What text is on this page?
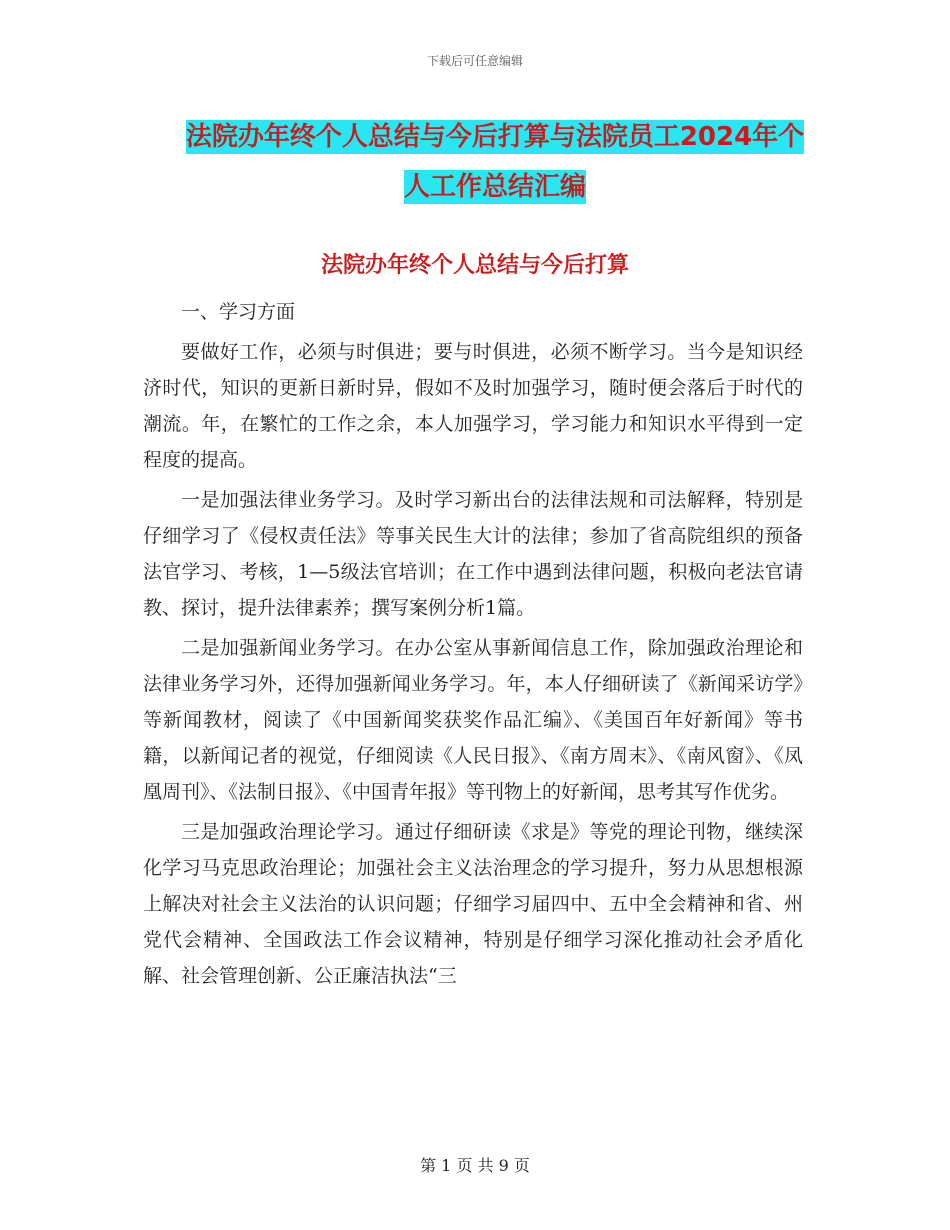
下载后可任意编辑
法院办年终个人总结与今后打算与法院员工2024年个
人工作总结汇编
法院办年终个人总结与今后打算

一、学习方面

要做好工作，必须与时俱进；要与时俱进，必须不断学习。当今是知识经济时代，知识的更新日新时异，假如不及时加强学习，随时便会落后于时代的潮流。年，在繁忙的工作之余，本人加强学习，学习能力和知识水平得到一定程度的提高。

一是加强法律业务学习。及时学习新出台的法律法规和司法解释，特别是仔细学习了《侵权责任法》等事关民生大计的法律；参加了省高院组织的预备法官学习、考核，1—5级法官培训；在工作中遇到法律问题，积极向老法官请教、探讨，提升法律素养；撰写案例分析1篇。

二是加强新闻业务学习。在办公室从事新闻信息工作，除加强政治理论和法律业务学习外，还得加强新闻业务学习。年，本人仔细研读了《新闻采访学》等新闻教材，阅读了《中国新闻奖获奖作品汇编》、《美国百年好新闻》等书籍，以新闻记者的视觉，仔细阅读《人民日报》、《南方周末》、《南风窗》、《凤凰周刊》、《法制日报》、《中国青年报》等刊物上的好新闻，思考其写作优劣。

三是加强政治理论学习。通过仔细研读《求是》等党的理论刊物，继续深化学习马克思政治理论；加强社会主义法治理念的学习提升，努力从思想根源上解决对社会主义法治的认识问题；仔细学习届四中、五中全会精神和省、州党代会精神、全国政法工作会议精神，特别是仔细学习深化推动社会矛盾化解、社会管理创新、公正廉洁执法“三

第 1 页 共 9 页
